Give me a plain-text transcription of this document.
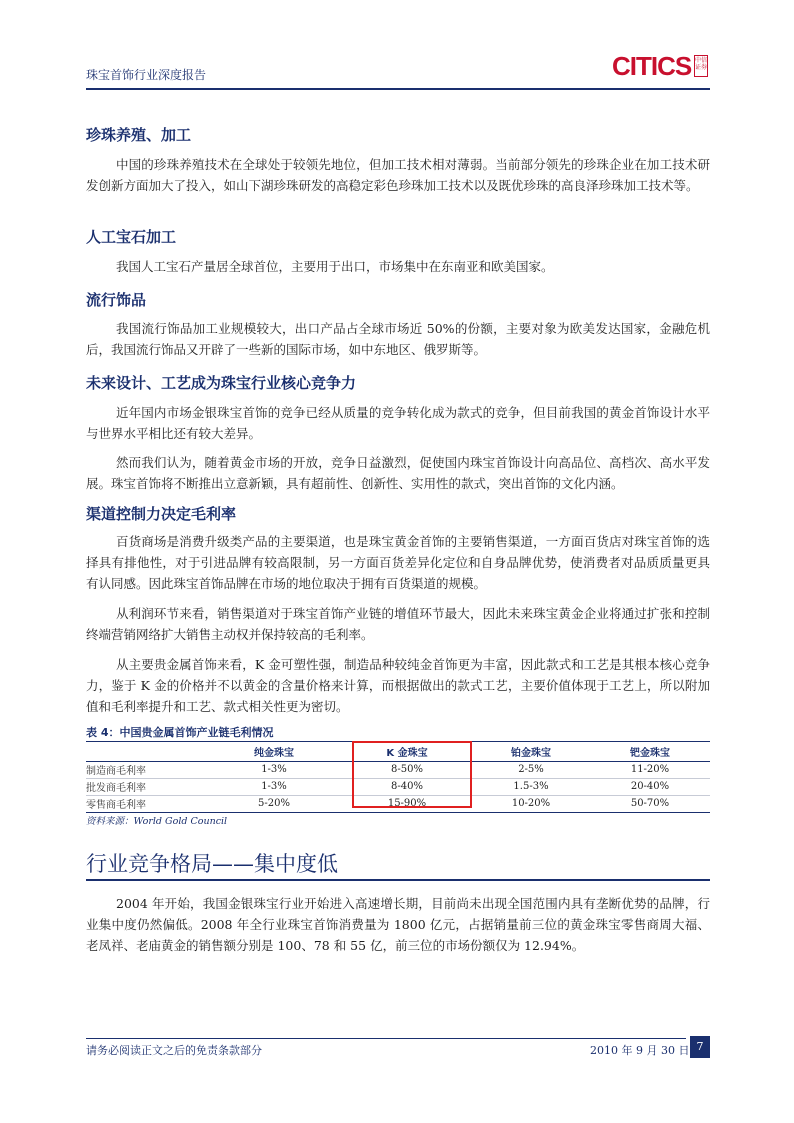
珠宝首饰行业深度报告	CITICS 中信证券
珍珠养殖、加工

中国的珍珠养殖技术在全球处于较领先地位，但加工技术相对薄弱。当前部分领先的珍珠企业在加工技术研发创新方面加大了投入，如山下湖珍珠研发的高稳定彩色珍珠加工技术以及既优珍珠的高良泽珍珠加工技术等。

人工宝石加工

我国人工宝石产量居全球首位，主要用于出口，市场集中在东南亚和欧美国家。

流行饰品

我国流行饰品加工业规模较大，出口产品占全球市场近 50%的份额，主要对象为欧美发达国家，金融危机后，我国流行饰品又开辟了一些新的国际市场，如中东地区、俄罗斯等。

未来设计、工艺成为珠宝行业核心竞争力

近年国内市场金银珠宝首饰的竞争已经从质量的竞争转化成为款式的竞争，但目前我国的黄金首饰设计水平与世界水平相比还有较大差异。

然而我们认为，随着黄金市场的开放，竞争日益激烈，促使国内珠宝首饰设计向高品位、高档次、高水平发展。珠宝首饰将不断推出立意新颖，具有超前性、创新性、实用性的款式，突出首饰的文化内涵。

渠道控制力决定毛利率

百货商场是消费升级类产品的主要渠道，也是珠宝黄金首饰的主要销售渠道，一方面百货店对珠宝首饰的选择具有排他性，对于引进品牌有较高限制，另一方面百货差异化定位和自身品牌优势，使消费者对品质质量更具有认同感。因此珠宝首饰品牌在市场的地位取决于拥有百货渠道的规模。

从利润环节来看，销售渠道对于珠宝首饰产业链的增值环节最大，因此未来珠宝黄金企业将通过扩张和控制终端营销网络扩大销售主动权并保持较高的毛利率。

从主要贵金属首饰来看，K 金可塑性强，制造品种较纯金首饰更为丰富，因此款式和工艺是其根本核心竞争力，鉴于 K 金的价格并不以黄金的含量价格来计算，而根据做出的款式工艺，主要价值体现于工艺上，所以附加值和毛利率提升和工艺、款式相关性更为密切。

表 4：中国贵金属首饰产业链毛利情况
	纯金珠宝	K 金珠宝	铂金珠宝	钯金珠宝
制造商毛利率	1-3%	8-50%	2-5%	11-20%
批发商毛利率	1-3%	8-40%	1.5-3%	20-40%
零售商毛利率	5-20%	15-90%	10-20%	50-70%
资料来源：World Gold Council
行业竞争格局——集中度低

2004 年开始，我国金银珠宝行业开始进入高速增长期，目前尚未出现全国范围内具有垄断优势的品牌，行业集中度仍然偏低。2008 年全行业珠宝首饰消费量为 1800 亿元，占据销量前三位的黄金珠宝零售商周大福、老凤祥、老庙黄金的销售额分别是 100、78 和 55 亿，前三位的市场份额仅为 12.94%。

请务必阅读正文之后的免责条款部分	2010 年 9 月 30 日 7
